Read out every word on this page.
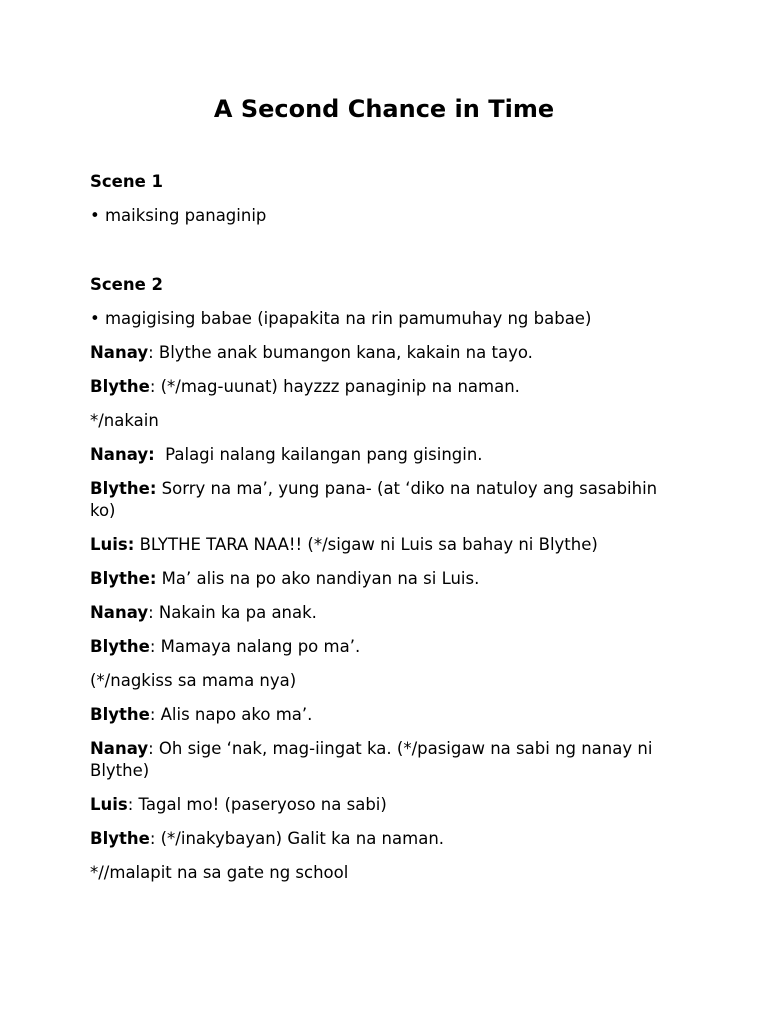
A Second Chance in Time

Scene 1

• maiksing panaginip

Scene 2

• magigising babae (ipapakita na rin pamumuhay ng babae)

Nanay: Blythe anak bumangon kana, kakain na tayo.

Blythe: (*/mag-uunat) hayzzz panaginip na naman.

*/nakain

Nanay:  Palagi nalang kailangan pang gisingin.

Blythe: Sorry na ma’, yung pana- (at ‘diko na natuloy ang sasabihin ko)

Luis: BLYTHE TARA NAA!! (*/sigaw ni Luis sa bahay ni Blythe)

Blythe: Ma’ alis na po ako nandiyan na si Luis.

Nanay: Nakain ka pa anak.

Blythe: Mamaya nalang po ma’.

(*/nagkiss sa mama nya)

Blythe: Alis napo ako ma’.

Nanay: Oh sige ‘nak, mag-iingat ka. (*/pasigaw na sabi ng nanay ni Blythe)

Luis: Tagal mo! (paseryoso na sabi)

Blythe: (*/inakybayan) Galit ka na naman.

*//malapit na sa gate ng school
